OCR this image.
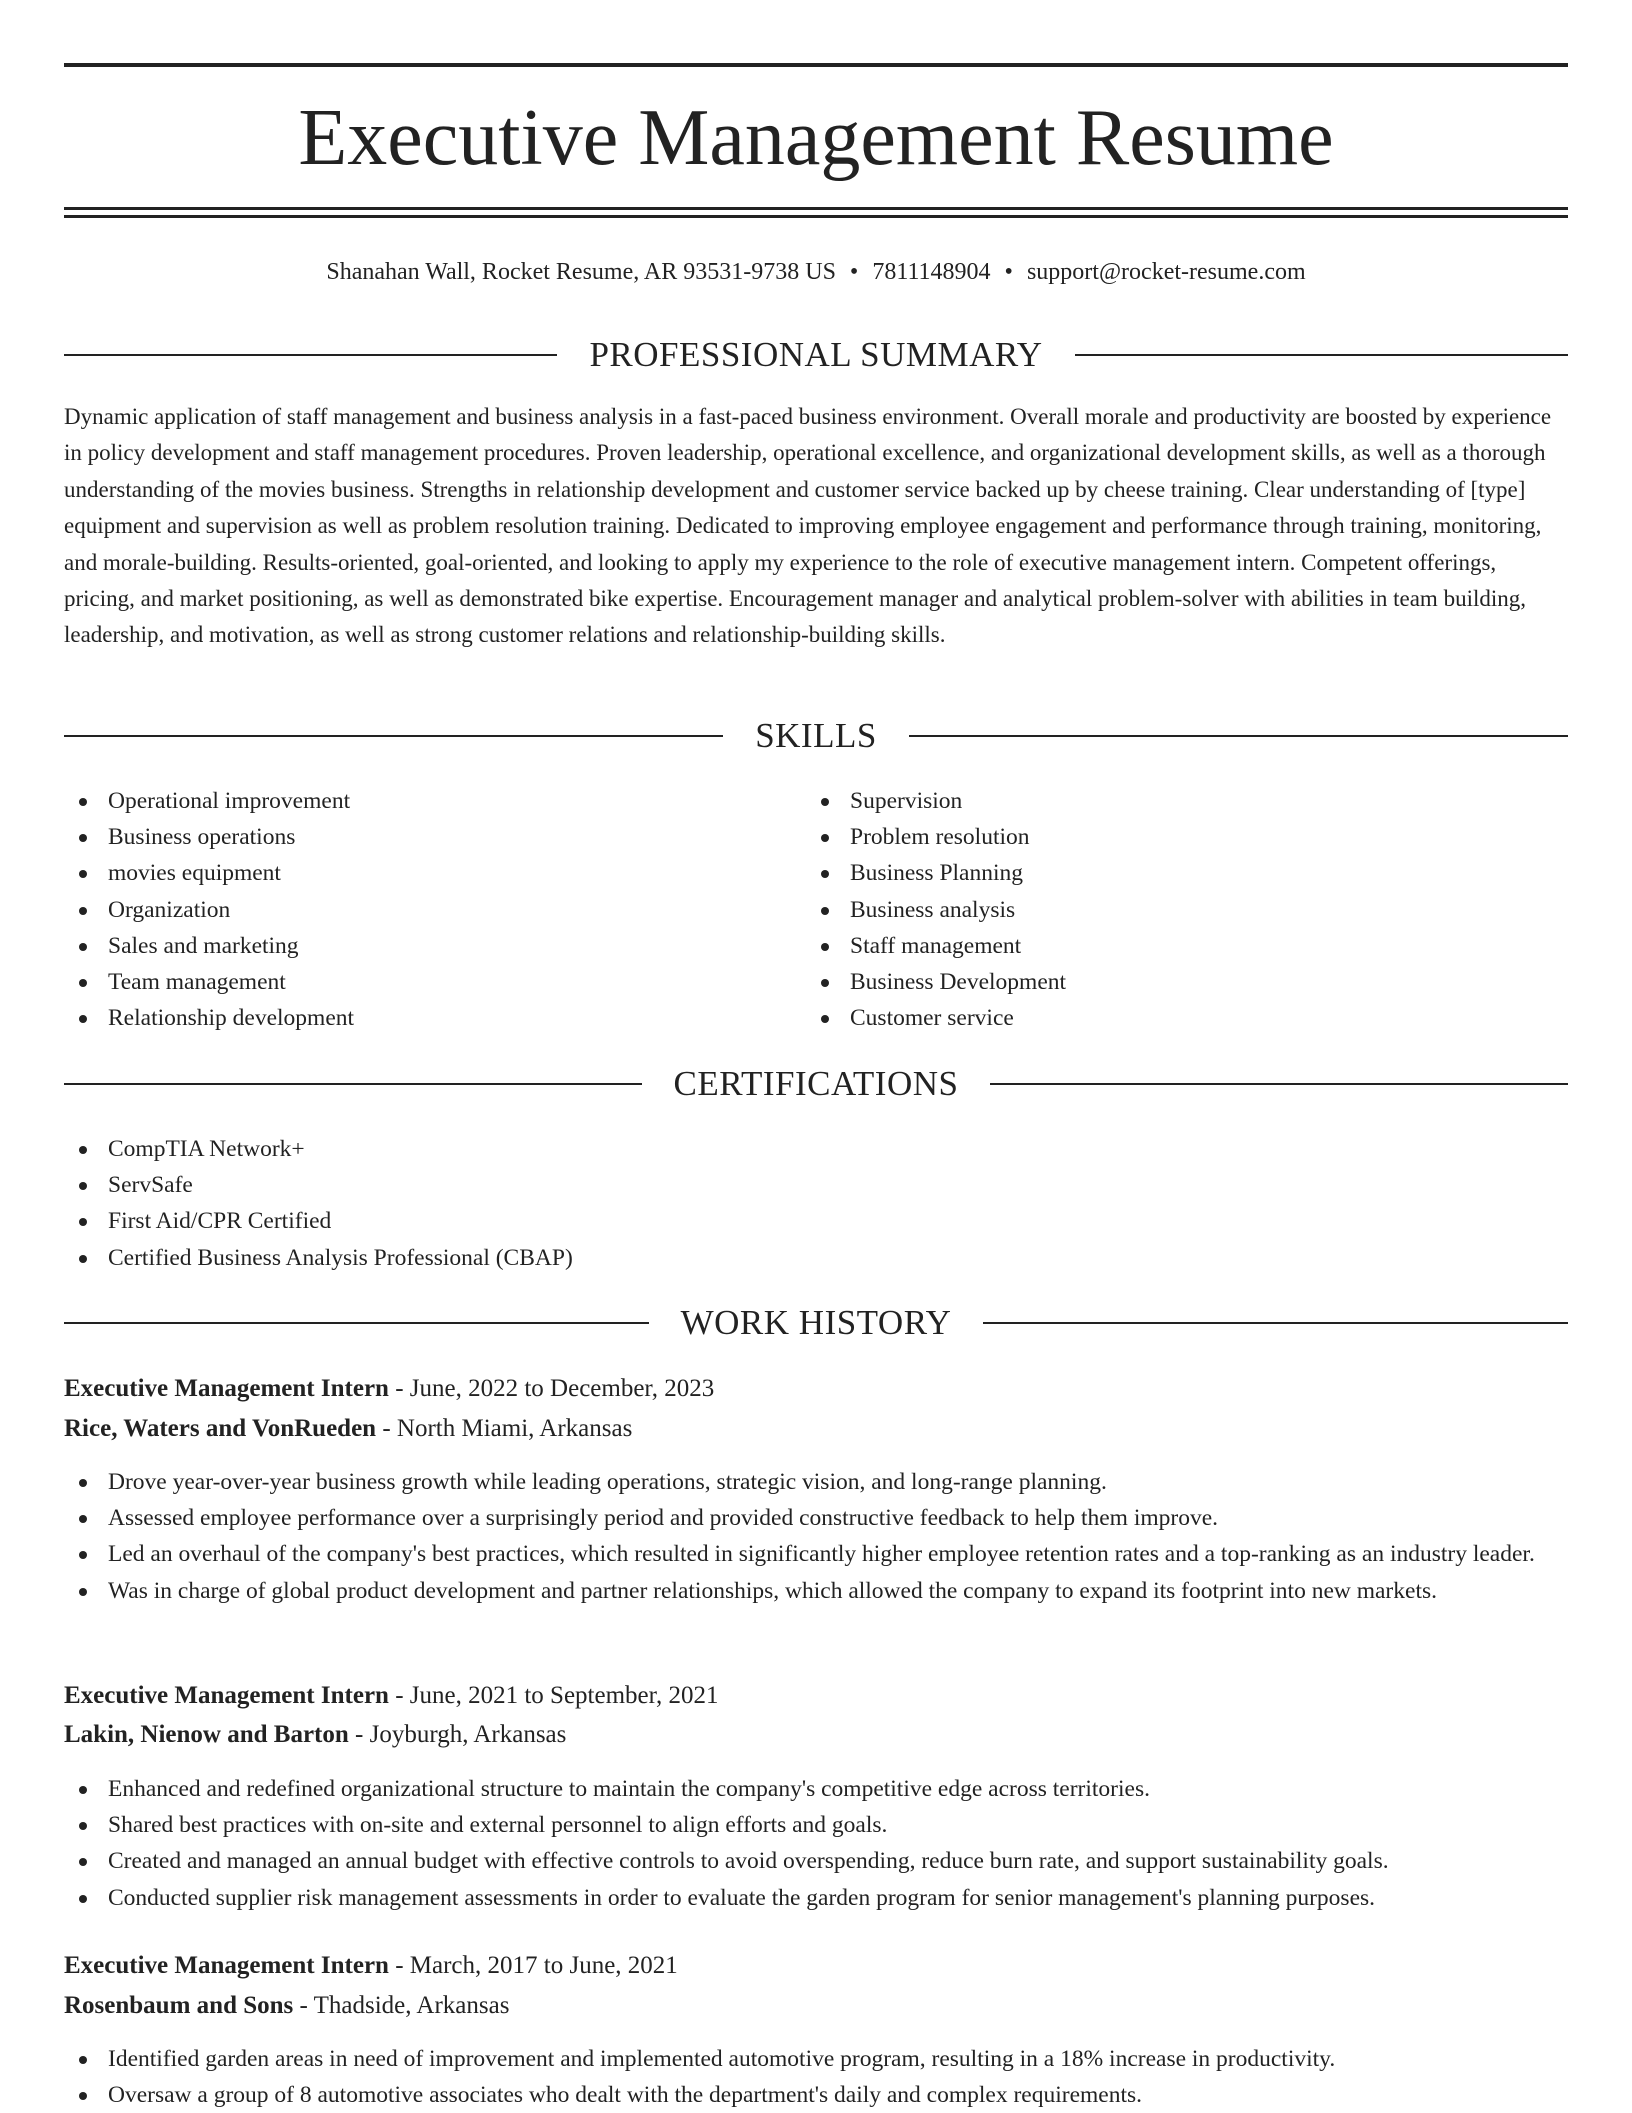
Executive Management Resume
Shanahan Wall, Rocket Resume, AR 93531-9738 US • 7811148904 • support@rocket-resume.com
PROFESSIONAL SUMMARY

Dynamic application of staff management and business analysis in a fast-paced business environment. Overall morale and productivity are boosted by experience in policy development and staff management procedures. Proven leadership, operational excellence, and organizational development skills, as well as a thorough understanding of the movies business. Strengths in relationship development and customer service backed up by cheese training. Clear understanding of [type] equipment and supervision as well as problem resolution training. Dedicated to improving employee engagement and performance through training, monitoring, and morale-building. Results-oriented, goal-oriented, and looking to apply my experience to the role of executive management intern. Competent offerings, pricing, and market positioning, as well as demonstrated bike expertise. Encouragement manager and analytical problem-solver with abilities in team building, leadership, and motivation, as well as strong customer relations and relationship-building skills.

SKILLS
Operational improvement
Business operations
movies equipment
Organization
Sales and marketing
Team management
Relationship development
Supervision
Problem resolution
Business Planning
Business analysis
Staff management
Business Development
Customer service
CERTIFICATIONS
CompTIA Network+
ServSafe
First Aid/CPR Certified
Certified Business Analysis Professional (CBAP)
WORK HISTORY
Executive Management Intern - June, 2022 to December, 2023
Rice, Waters and VonRueden - North Miami, Arkansas
Drove year-over-year business growth while leading operations, strategic vision, and long-range planning.
Assessed employee performance over a surprisingly period and provided constructive feedback to help them improve.
Led an overhaul of the company's best practices, which resulted in significantly higher employee retention rates and a top-ranking as an industry leader.
Was in charge of global product development and partner relationships, which allowed the company to expand its footprint into new markets.
Executive Management Intern - June, 2021 to September, 2021
Lakin, Nienow and Barton - Joyburgh, Arkansas
Enhanced and redefined organizational structure to maintain the company's competitive edge across territories.
Shared best practices with on-site and external personnel to align efforts and goals.
Created and managed an annual budget with effective controls to avoid overspending, reduce burn rate, and support sustainability goals.
Conducted supplier risk management assessments in order to evaluate the garden program for senior management's planning purposes.
Executive Management Intern - March, 2017 to June, 2021
Rosenbaum and Sons - Thadside, Arkansas
Identified garden areas in need of improvement and implemented automotive program, resulting in a 18% increase in productivity.
Oversaw a group of 8 automotive associates who dealt with the department's daily and complex requirements.
